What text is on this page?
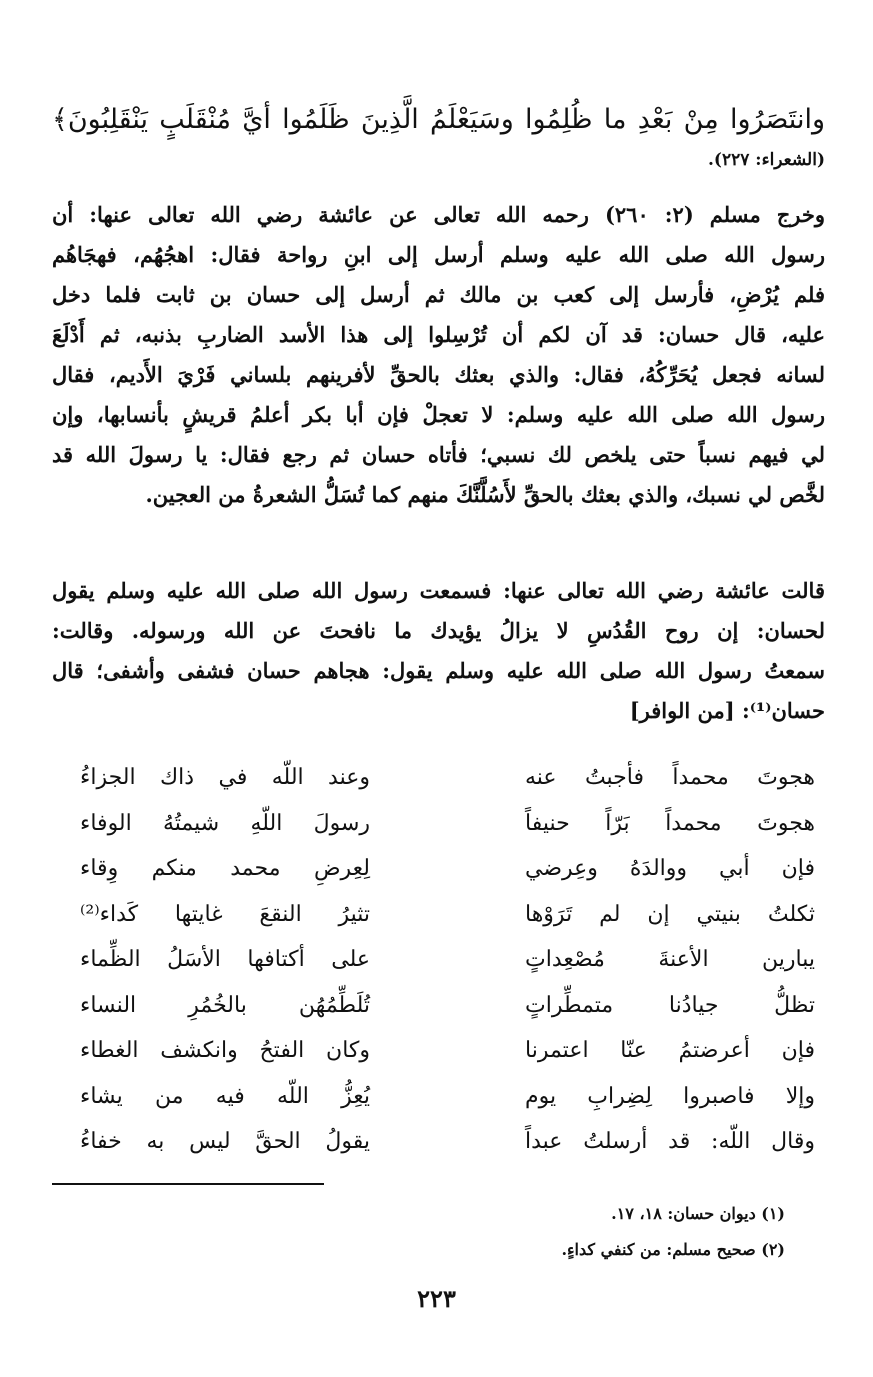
وانتَصَرُوا مِنْ بَعْدِ ما ظُلِمُوا وسَيَعْلَمُ الَّذِينَ ظَلَمُوا أيَّ مُنْقَلَبٍ يَنْقَلِبُونَ﴾
(الشعراء: ٢٢٧).
وخرج مسلم (٢: ٢٦٠) رحمه الله تعالى عن عائشة رضي الله تعالى عنها: أن
رسول الله صلى الله عليه وسلم أرسل إلى ابنِ رواحة فقال: اهجُهُم، فهجَاهُم
فلم يُرْضِ، فأرسل إلى كعب بن مالك ثم أرسل إلى حسان بن ثابت فلما دخل
عليه، قال حسان: قد آن لكم أن تُرْسِلوا إلى هذا الأسد الضاربِ بذنبه، ثم أَدْلَعَ
لسانه فجعل يُحَرِّكُهُ، فقال: والذي بعثك بالحقِّ لأفرينهم بلساني فَرْيَ الأَديم، فقال
رسول الله صلى الله عليه وسلم: لا تعجلْ فإن أبا بكر أعلمُ قريشٍ بأنسابها، وإن
لي فيهم نسباً حتى يلخص لك نسبي؛ فأتاه حسان ثم رجع فقال: يا رسولَ الله قد
لخَّص لي نسبك، والذي بعثك بالحقِّ لأَسُلَّنَّكَ منهم كما تُسَلُّ الشعرةُ من العجين.
قالت عائشة رضي الله تعالى عنها: فسمعت رسول الله صلى الله عليه وسلم يقول
لحسان: إن روح القُدُسِ لا يزالُ يؤيدك ما نافحتَ عن الله ورسوله. وقالت:
سمعتُ رسول الله صلى الله عليه وسلم يقول: هجاهم حسان فشفى وأشفى؛ قال
حسان⁽¹⁾: [من الوافر]
هجوتَ محمداً فأجبتُ عنه
وعند اللّه في ذاك الجزاءُ
هجوتَ محمداً بَرّاً حنيفاً
رسولَ اللّهِ شيمتُهُ الوفاء
فإن أبي ووالدَهُ وعِرضي
لِعِرضِ محمد منكم وِقاء
ثكلتُ بنيتي إن لم تَرَوْها
تثيرُ النقعَ غايتها كَداء⁽²⁾
يبارين الأعنةَ مُصْعِداتٍ
على أكتافها الأسَلُ الظِّماء
تظلُّ جيادُنا متمطِّراتٍ
تُلَطِّمُهُن بالخُمُرِ النساء
فإن أعرضتمُ عنّا اعتمرنا
وكان الفتحُ وانكشف الغطاء
وإلا فاصبروا لِضِرابِ يوم
يُعِزُّ اللّه فيه من يشاء
وقال اللّه: قد أرسلتُ عبداً
يقولُ الحقَّ ليس به خفاءُ
(١) ديوان حسان: ١٨، ١٧.
(٢) صحيح مسلم: من كنفي كداءٍ.
٢٢٣
